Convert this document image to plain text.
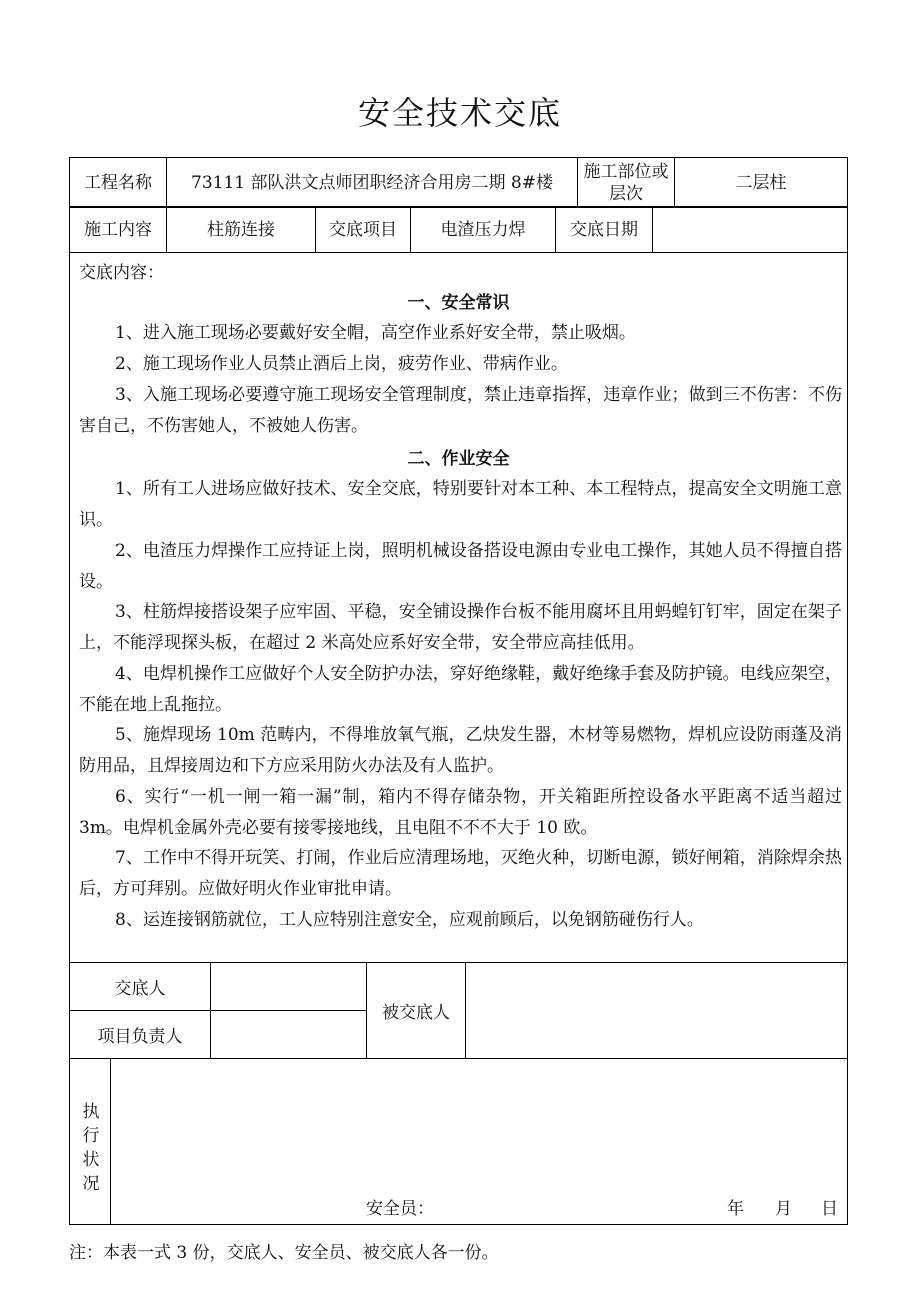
安全技术交底
工程名称	73111 部队洪文点师团职经济合用房二期 8#楼	施工部位或层次	二层柱
施工内容	柱筋连接	交底项目	电渣压力焊	交底日期	
交底内容：
一、安全常识
1、进入施工现场必要戴好安全帽，高空作业系好安全带，禁止吸烟。
2、施工现场作业人员禁止酒后上岗，疲劳作业、带病作业。
3、入施工现场必要遵守施工现场安全管理制度，禁止违章指挥，违章作业；做到三不伤害：不伤害自己，不伤害她人，不被她人伤害。
二、作业安全
1、所有工人进场应做好技术、安全交底，特别要针对本工种、本工程特点，提高安全文明施工意识。
2、电渣压力焊操作工应持证上岗，照明机械设备搭设电源由专业电工操作，其她人员不得擅自搭设。
3、柱筋焊接搭设架子应牢固、平稳，安全铺设操作台板不能用腐坏且用蚂蝗钉钉牢，固定在架子上，不能浮现探头板，在超过 2 米高处应系好安全带，安全带应高挂低用。
4、电焊机操作工应做好个人安全防护办法，穿好绝缘鞋，戴好绝缘手套及防护镜。电线应架空，不能在地上乱拖拉。
5、施焊现场 10m 范畴内，不得堆放氧气瓶，乙炔发生器，木材等易燃物，焊机应设防雨蓬及消防用品，且焊接周边和下方应采用防火办法及有人监护。
6、实行“一机一闸一箱一漏”制，箱内不得存储杂物，开关箱距所控设备水平距离不适当超过 3m。电焊机金属外壳必要有接零接地线，且电阻不不不大于 10 欧。
7、工作中不得开玩笑、打闹，作业后应清理场地，灭绝火种，切断电源，锁好闸箱，消除焊余热后，方可拜别。应做好明火作业审批申请。
8、运连接钢筋就位，工人应特别注意安全，应观前顾后，以免钢筋碰伤行人。
交底人		被交底人	
项目负责人			
执
行
状
况
安全员：	年 月 日
注：本表一式 3 份，交底人、安全员、被交底人各一份。
